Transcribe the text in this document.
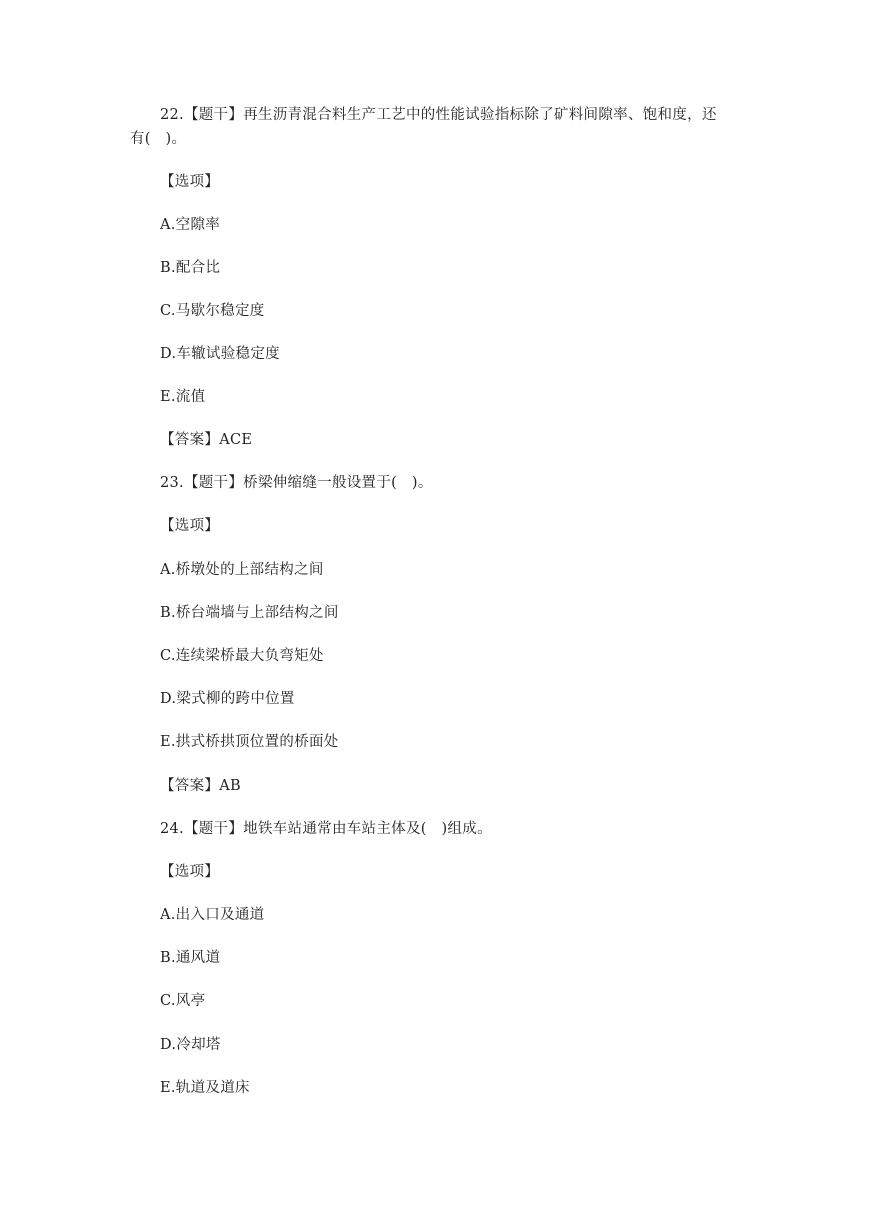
22.【题干】再生沥青混合料生产工艺中的性能试验指标除了矿料间隙率、饱和度，还
有(　)。
【选项】
A.空隙率
B.配合比
C.马歇尔稳定度
D.车辙试验稳定度
E.流值
【答案】ACE
23.【题干】桥梁伸缩缝一般设置于(　)。
【选项】
A.桥墩处的上部结构之间
B.桥台端墙与上部结构之间
C.连续梁桥最大负弯矩处
D.梁式柳的跨中位置
E.拱式桥拱顶位置的桥面处
【答案】AB
24.【题干】地铁车站通常由车站主体及(　)组成。
【选项】
A.出入口及通道
B.通风道
C.风亭
D.冷却塔
E.轨道及道床
